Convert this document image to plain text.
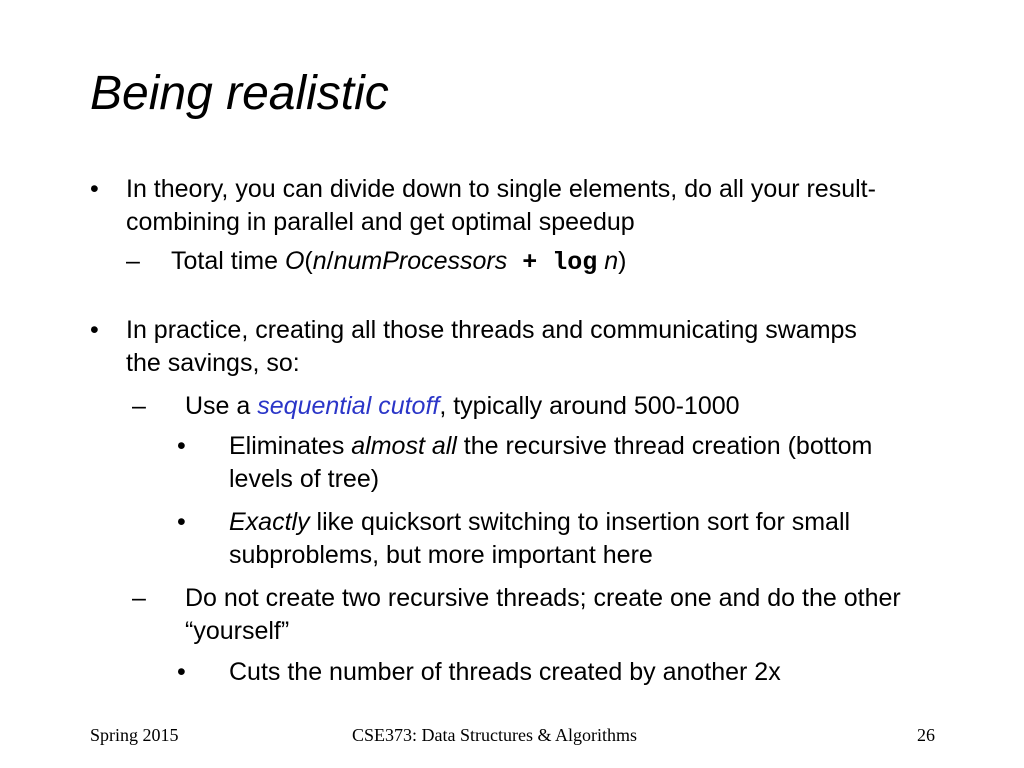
Being realistic
• In theory, you can divide down to single elements, do all your result-combining in parallel and get optimal speedup
– Total time O(n/numProcessors + log n)
• In practice, creating all those threads and communicating swamps the savings, so:
– Use a sequential cutoff, typically around 500-1000
• Eliminates almost all the recursive thread creation (bottom levels of tree)
• Exactly like quicksort switching to insertion sort for small subproblems, but more important here
– Do not create two recursive threads; create one and do the other “yourself”
• Cuts the number of threads created by another 2x
Spring 2015	CSE373: Data Structures & Algorithms	26
